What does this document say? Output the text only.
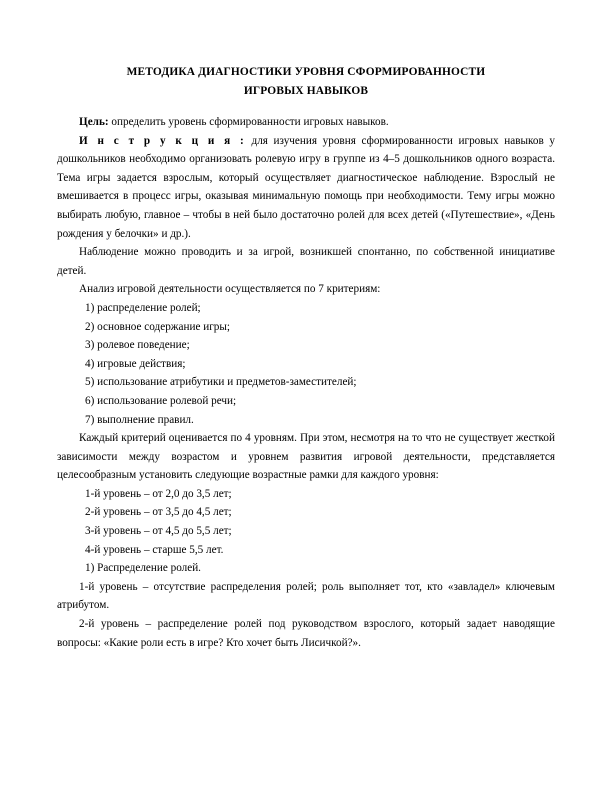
МЕТОДИКА ДИАГНОСТИКИ УРОВНЯ СФОРМИРОВАННОСТИ
ИГРОВЫХ НАВЫКОВ

Цель: определить уровень сформированности игровых навыков.

И н с т р у к ц и я : для изучения уровня сформированности игровых навыков у дошкольников необходимо организовать ролевую игру в группе из 4–5 дошкольников одного возраста. Тема игры задается взрослым, который осуществляет диагностическое наблюдение. Взрослый не вмешивается в процесс игры, оказывая минимальную помощь при необходимости. Тему игры можно выбирать любую, главное – чтобы в ней было достаточно ролей для всех детей («Путешествие», «День рождения у белочки» и др.).

Наблюдение можно проводить и за игрой, возникшей спонтанно, по собственной инициативе детей.

Анализ игровой деятельности осуществляется по 7 критериям:

1) распределение ролей;

2) основное содержание игры;

3) ролевое поведение;

4) игровые действия;

5) использование атрибутики и предметов-заместителей;

6) использование ролевой речи;

7) выполнение правил.

Каждый критерий оценивается по 4 уровням. При этом, несмотря на то что не существует жесткой зависимости между возрастом и уровнем развития игровой деятельности, представляется целесообразным установить следующие возрастные рамки для каждого уровня:

1-й уровень – от 2,0 до 3,5 лет;

2-й уровень – от 3,5 до 4,5 лет;

3-й уровень – от 4,5 до 5,5 лет;

4-й уровень – старше 5,5 лет.

1) Распределение ролей.

1-й уровень – отсутствие распределения ролей; роль выполняет тот, кто «завладел» ключевым атрибутом.

2-й уровень – распределение ролей под руководством взрослого, который задает наводящие вопросы: «Какие роли есть в игре? Кто хочет быть Лисичкой?».
